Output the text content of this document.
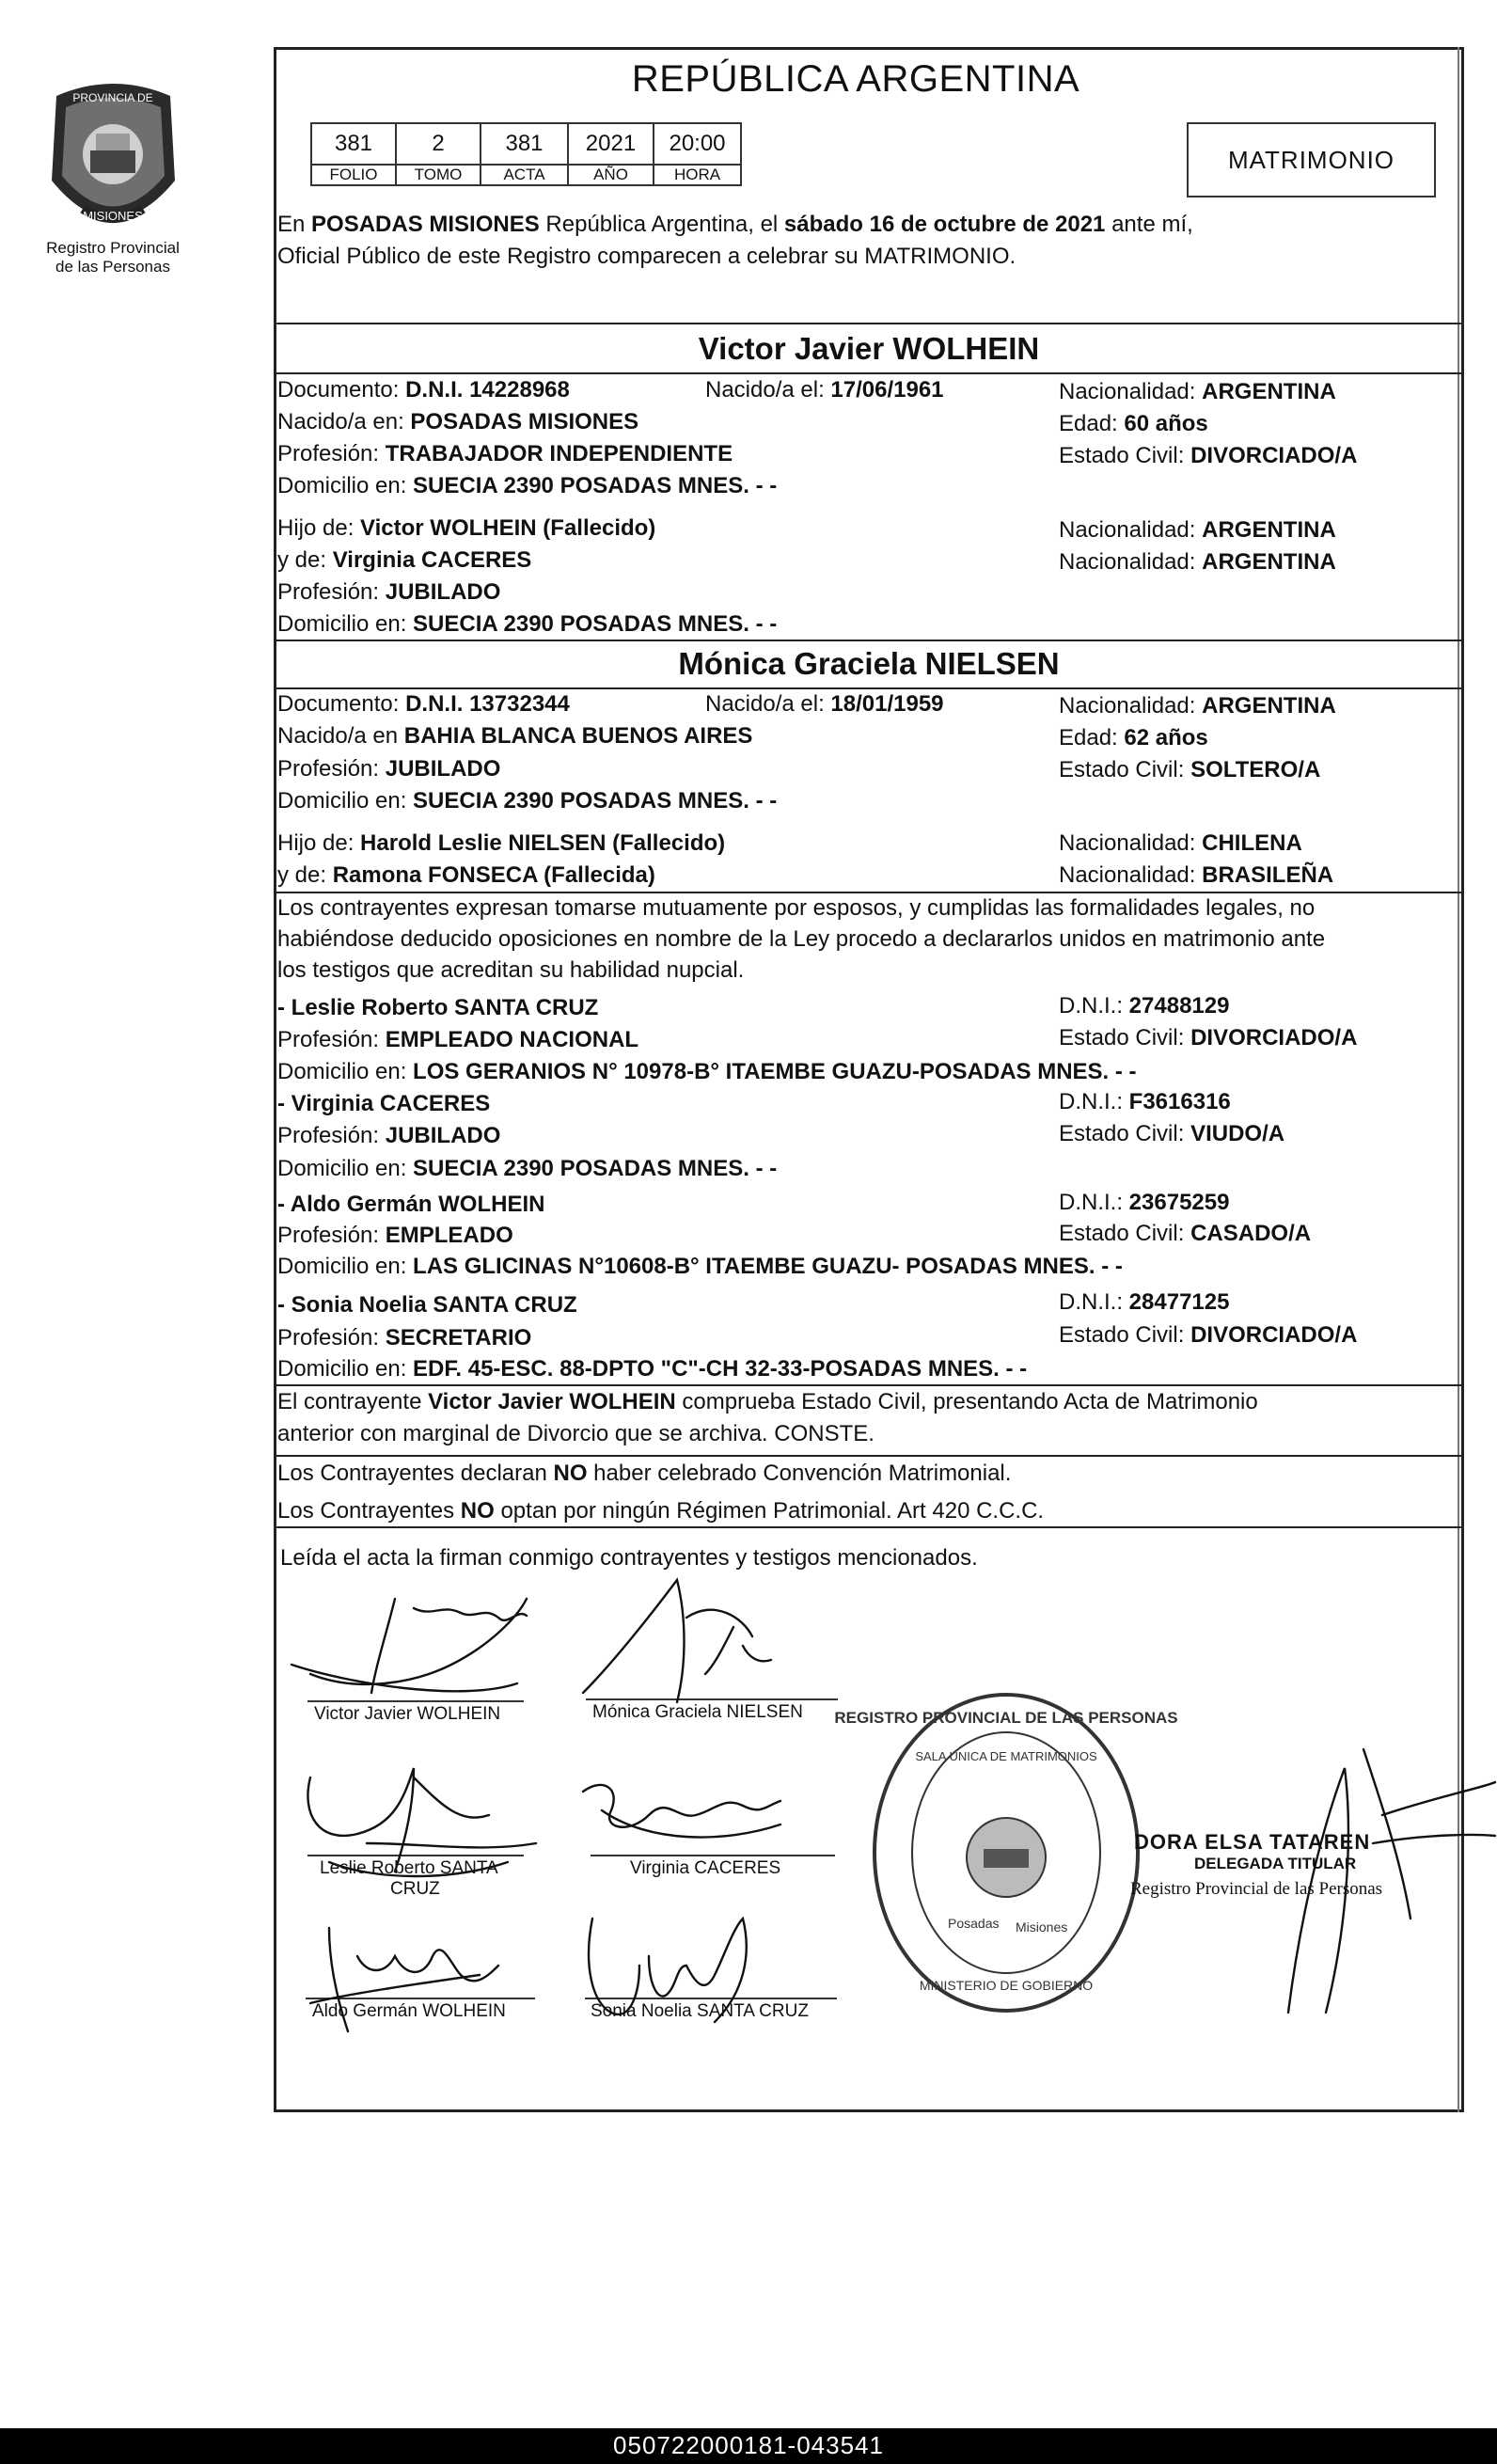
PROVINCIA DE
MISIONES
Registro Provincial de las Personas
REPÚBLICA ARGENTINA
381	2	381	2021	20:00
FOLIO	TOMO	ACTA	AÑO	HORA
MATRIMONIO
En POSADAS MISIONES República Argentina, el sábado 16 de octubre de 2021 ante mí,
Oficial Público de este Registro comparecen a celebrar su MATRIMONIO.
Victor Javier WOLHEIN
Documento: D.N.I. 14228968	Nacido/a el: 17/06/1961	Nacionalidad: ARGENTINA
Nacido/a en: POSADAS MISIONES	Edad: 60 años
Profesión: TRABAJADOR INDEPENDIENTE	Estado Civil: DIVORCIADO/A
Domicilio en: SUECIA 2390 POSADAS MNES. - -
Hijo de: Victor WOLHEIN (Fallecido)	Nacionalidad: ARGENTINA
y de: Virginia CACERES	Nacionalidad: ARGENTINA
Profesión: JUBILADO
Domicilio en: SUECIA 2390 POSADAS MNES. - -
Mónica Graciela NIELSEN
Documento: D.N.I. 13732344	Nacido/a el: 18/01/1959	Nacionalidad: ARGENTINA
Nacido/a en BAHIA BLANCA BUENOS AIRES	Edad: 62 años
Profesión: JUBILADO	Estado Civil: SOLTERO/A
Domicilio en: SUECIA 2390 POSADAS MNES. - -
Hijo de: Harold Leslie NIELSEN (Fallecido)	Nacionalidad: CHILENA
y de: Ramona FONSECA (Fallecida)	Nacionalidad: BRASILEÑA
Los contrayentes expresan tomarse mutuamente por esposos, y cumplidas las formalidades legales, no
habiéndose deducido oposiciones en nombre de la Ley procedo a declararlos unidos en matrimonio ante
los testigos que acreditan su habilidad nupcial.
- Leslie Roberto SANTA CRUZ	D.N.I.: 27488129
Profesión: EMPLEADO NACIONAL	Estado Civil: DIVORCIADO/A
Domicilio en: LOS GERANIOS N° 10978-B° ITAEMBE GUAZU-POSADAS MNES. - -
- Virginia CACERES	D.N.I.: F3616316
Profesión: JUBILADO	Estado Civil: VIUDO/A
Domicilio en: SUECIA 2390 POSADAS MNES. - -
- Aldo Germán WOLHEIN	D.N.I.: 23675259
Profesión: EMPLEADO	Estado Civil: CASADO/A
Domicilio en: LAS GLICINAS N°10608-B° ITAEMBE GUAZU- POSADAS MNES. - -
- Sonia Noelia SANTA CRUZ	D.N.I.: 28477125
Profesión: SECRETARIO	Estado Civil: DIVORCIADO/A
Domicilio en: EDF. 45-ESC. 88-DPTO "C"-CH 32-33-POSADAS MNES. - -
El contrayente Victor Javier WOLHEIN comprueba Estado Civil, presentando Acta de Matrimonio
anterior con marginal de Divorcio que se archiva. CONSTE.
Los Contrayentes declaran NO haber celebrado Convención Matrimonial.
Los Contrayentes NO optan por ningún Régimen Patrimonial. Art 420 C.C.C.
Leída el acta la firman conmigo contrayentes y testigos mencionados.
Victor Javier WOLHEIN	Mónica Graciela NIELSEN
Leslie Roberto SANTA
CRUZ
Virginia CACERES
Aldo Germán WOLHEIN	Sonia Noelia SANTA CRUZ
REGISTRO PROVINCIAL DE LAS PERSONAS
SALA UNICA DE MATRIMONIOS
Posadas Misiones
MINISTERIO DE GOBIERNO
DORA ELSA TATAREN
DELEGADA TITULAR
Registro Provincial de las Personas
050722000181-043541
